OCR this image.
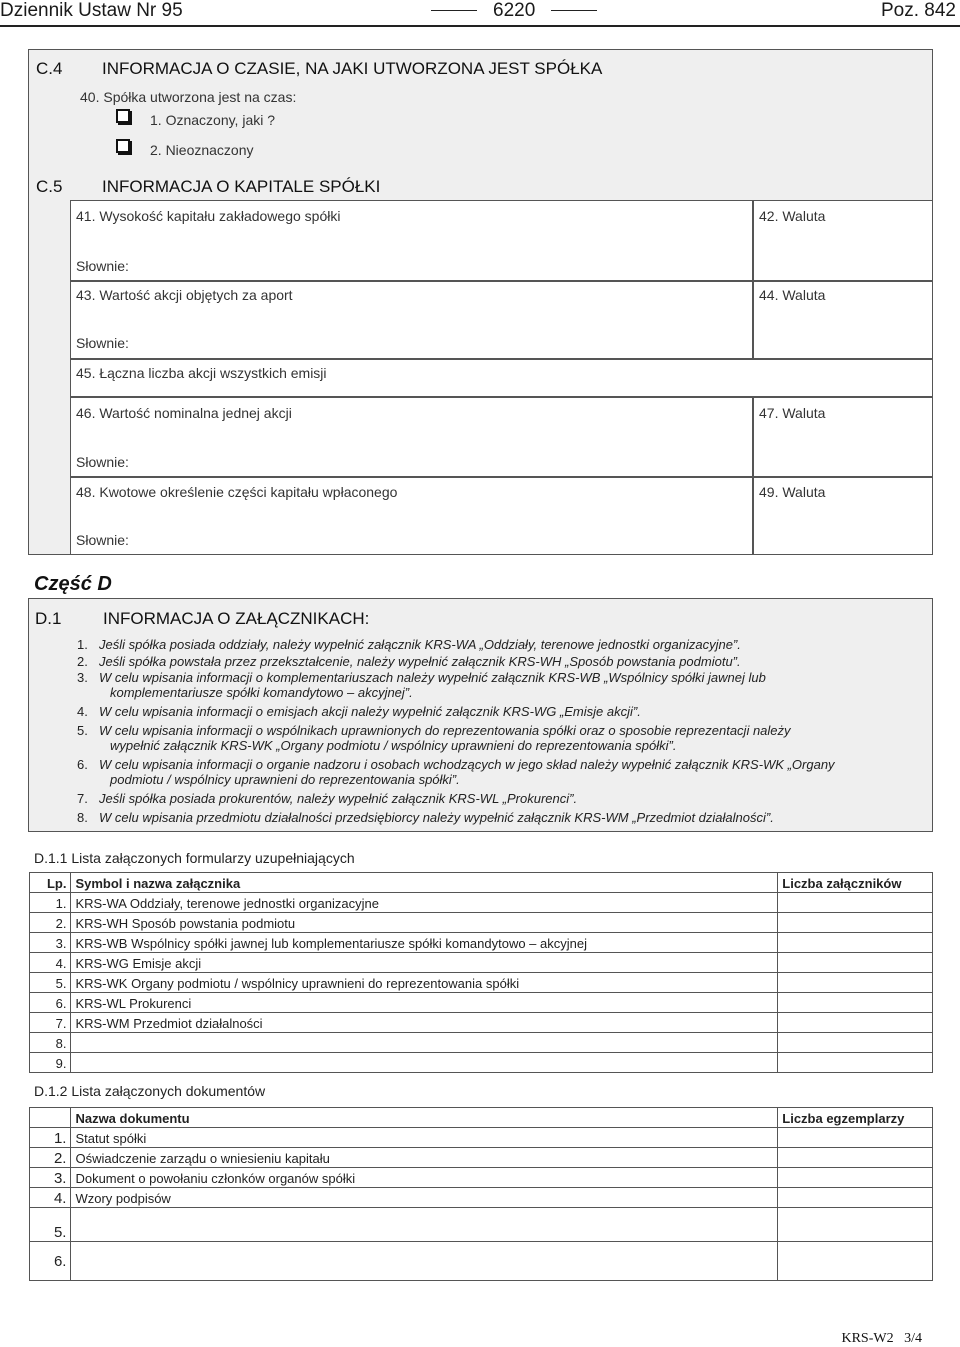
Dziennik Ustaw Nr 95	6220	Poz. 842
C.4 INFORMACJA O CZASIE, NA JAKI UTWORZONA JEST SPÓŁKA
40. Spółka utworzona jest na czas:
1. Oznaczony, jaki ?
2. Nieoznaczony
C.5 INFORMACJA O KAPITALE SPÓŁKI
41. Wysokość kapitału zakładowego spółki	42. Waluta
Słownie:
43. Wartość akcji objętych za aport	44. Waluta
Słownie:
45. Łączna liczba akcji wszystkich emisji
46. Wartość nominalna jednej akcji	47. Waluta
Słownie:
48. Kwotowe określenie części kapitału wpłaconego	49. Waluta
Słownie:
Część D
D.1 INFORMACJA O ZAŁĄCZNIKACH:
1. Jeśli spółka posiada oddziały, należy wypełnić załącznik KRS-WA „Oddziały, terenowe jednostki organizacyjne”.
2. Jeśli spółka powstała przez przekształcenie, należy wypełnić załącznik KRS-WH „Sposób powstania podmiotu”.
3. W celu wpisania informacji o komplementariuszach należy wypełnić załącznik KRS-WB „Wspólnicy spółki jawnej lub
komplementariusze spółki komandytowo – akcyjnej”.
4. W celu wpisania informacji o emisjach akcji należy wypełnić załącznik KRS-WG „Emisje akcji”.
5. W celu wpisania informacji o wspólnikach uprawnionych do reprezentowania spółki oraz o sposobie reprezentacji należy
wypełnić załącznik KRS-WK „Organy podmiotu / wspólnicy uprawnieni do reprezentowania spółki”.
6. W celu wpisania informacji o organie nadzoru i osobach wchodzących w jego skład należy wypełnić załącznik KRS-WK „Organy
podmiotu / wspólnicy uprawnieni do reprezentowania spółki”.
7. Jeśli spółka posiada prokurentów, należy wypełnić załącznik KRS-WL „Prokurenci”.
8. W celu wpisania przedmiotu działalności przedsiębiorcy należy wypełnić załącznik KRS-WM „Przedmiot działalności”.
D.1.1 Lista załączonych formularzy uzupełniających
Lp.	Symbol i nazwa załącznika	Liczba załączników
1.	KRS-WA Oddziały, terenowe jednostki organizacyjne	
2.	KRS-WH Sposób powstania podmiotu	
3.	KRS-WB Wspólnicy spółki jawnej lub komplementariusze spółki komandytowo – akcyjnej	
4.	KRS-WG Emisje akcji	
5.	KRS-WK Organy podmiotu / wspólnicy uprawnieni do reprezentowania spółki	
6.	KRS-WL Prokurenci	
7.	KRS-WM Przedmiot działalności	
8.		
9.		
D.1.2 Lista załączonych dokumentów
	Nazwa dokumentu	Liczba egzemplarzy
1.	Statut spółki	
2.	Oświadczenie zarządu o wniesieniu kapitału	
3.	Dokument o powołaniu członków organów spółki	
4.	Wzory podpisów	
5.		
6.		
KRS-W2 3/4
